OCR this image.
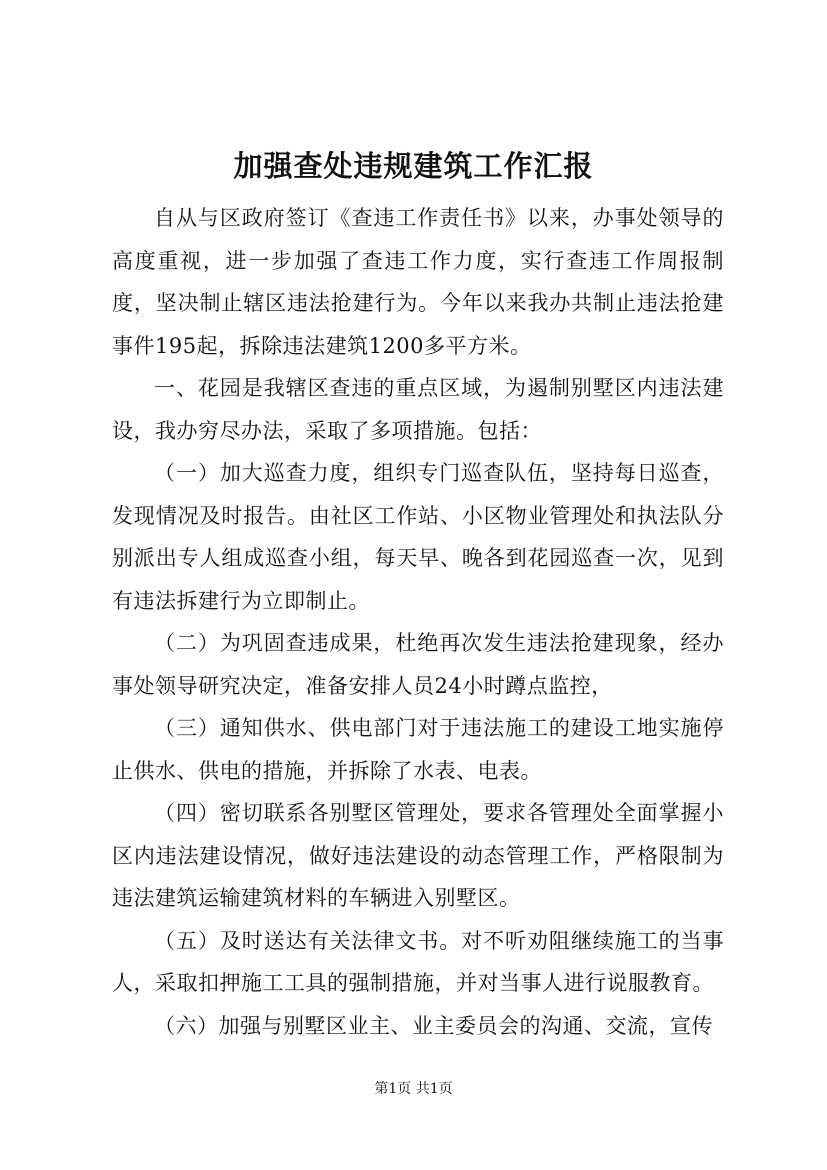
加强查处违规建筑工作汇报

自从与区政府签订《查违工作责任书》以来，办事处领导的高度重视，进一步加强了查违工作力度，实行查违工作周报制度，坚决制止辖区违法抢建行为。今年以来我办共制止违法抢建事件195起，拆除违法建筑1200多平方米。

一、花园是我辖区查违的重点区域，为遏制别墅区内违法建设，我办穷尽办法，采取了多项措施。包括：

（一）加大巡查力度，组织专门巡查队伍，坚持每日巡查，发现情况及时报告。由社区工作站、小区物业管理处和执法队分别派出专人组成巡查小组，每天早、晚各到花园巡查一次，见到有违法拆建行为立即制止。

（二）为巩固查违成果，杜绝再次发生违法抢建现象，经办事处领导研究决定，准备安排人员24小时蹲点监控，

（三）通知供水、供电部门对于违法施工的建设工地实施停止供水、供电的措施，并拆除了水表、电表。

（四）密切联系各别墅区管理处，要求各管理处全面掌握小区内违法建设情况，做好违法建设的动态管理工作，严格限制为违法建筑运输建筑材料的车辆进入别墅区。

（五）及时送达有关法律文书。对不听劝阻继续施工的当事人，采取扣押施工工具的强制措施，并对当事人进行说服教育。

（六）加强与别墅区业主、业主委员会的沟通、交流，宣传

第1页 共1页
